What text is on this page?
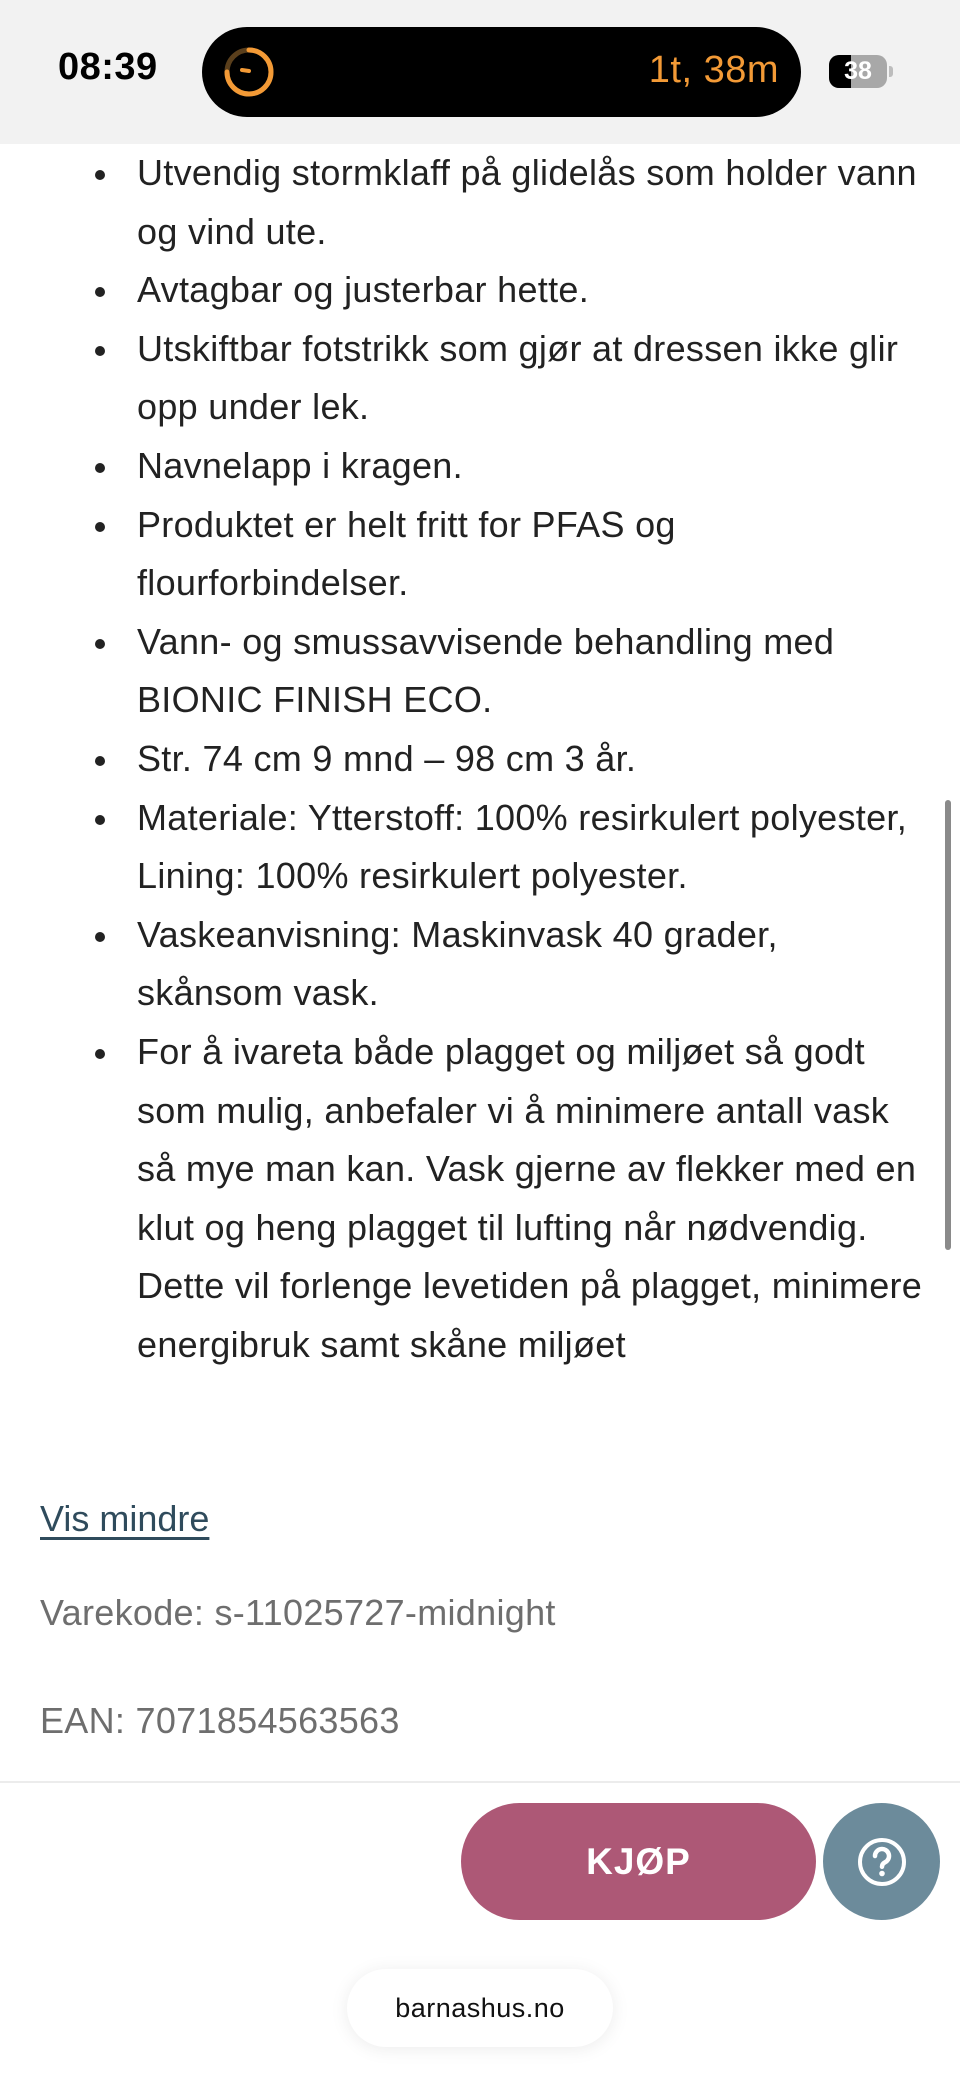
08:39	1t, 38m	38
Utvendig stormklaff på glidelås som holder vann og vind ute.
Avtagbar og justerbar hette.
Utskiftbar fotstrikk som gjør at dressen ikke glir opp under lek.
Navnelapp i kragen.
Produktet er helt fritt for PFAS og flourforbindelser.
Vann- og smussavvisende behandling med BIONIC FINISH ECO.
Str. 74 cm 9 mnd – 98 cm 3 år.
Materiale: Ytterstoff: 100% resirkulert polyester, Lining: 100% resirkulert polyester.
Vaskeanvisning: Maskinvask 40 grader, skånsom vask.
For å ivareta både plagget og miljøet så godt som mulig, anbefaler vi å minimere antall vask så mye man kan. Vask gjerne av flekker med en klut og heng plagget til lufting når nødvendig. Dette vil forlenge levetiden på plagget, minimere energibruk samt skåne miljøet
Vis mindre
Varekode: s-11025727-midnight
EAN: 7071854563563
KJØP
barnashus.no
